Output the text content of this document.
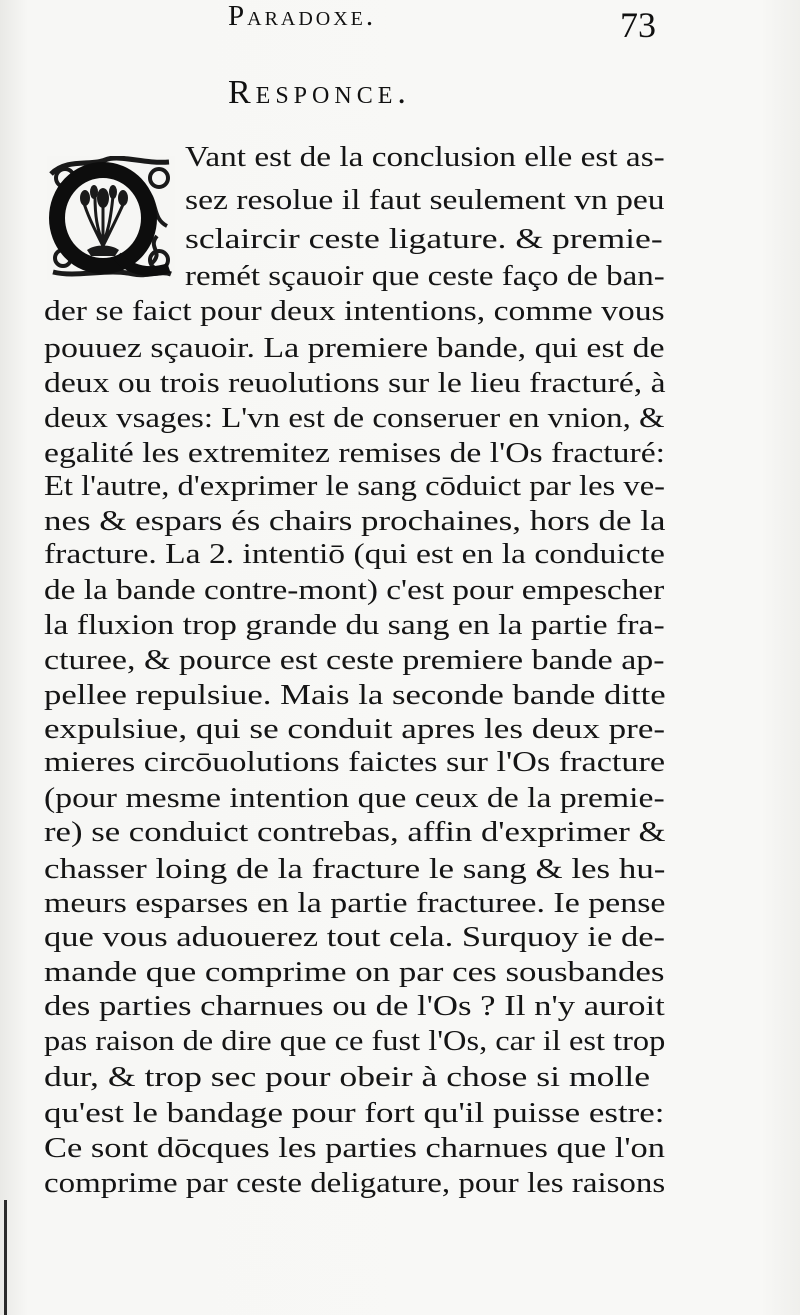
Paradoxe.	73
Responce.
Vant est de la conclusion elle est as-
sez resolue il faut seulement vn peu
sclaircir ceste ligature. & premie-
remét sçauoir que ceste faço de ban-
der se faict pour deux intentions, comme vous
pouuez sçauoir. La premiere bande, qui est de
deux ou trois reuolutions sur le lieu fracturé, à
deux vsages: L'vn est de conseruer en vnion, &
egalité les extremitez remises de l'Os fracturé:
Et l'autre, d'exprimer le sang cōduict par les ve-
nes & espars és chairs prochaines, hors de la
fracture. La 2. intentiō (qui est en la conduicte
de la bande contre-mont) c'est pour empescher
la fluxion trop grande du sang en la partie fra-
cturee, & pource est ceste premiere bande ap-
pellee repulsiue. Mais la seconde bande ditte
expulsiue, qui se conduit apres les deux pre-
mieres circōuolutions faictes sur l'Os fracture
(pour mesme intention que ceux de la premie-
re) se conduict contrebas, affin d'exprimer &
chasser loing de la fracture le sang & les hu-
meurs esparses en la partie fracturee. Ie pense
que vous aduouerez tout cela. Surquoy ie de-
mande que comprime on par ces sousbandes
des parties charnues ou de l'Os ? Il n'y auroit
pas raison de dire que ce fust l'Os, car il est trop
dur, & trop sec pour obeir à chose si molle
qu'est le bandage pour fort qu'il puisse estre:
Ce sont dōcques les parties charnues que l'on
comprime par ceste deligature, pour les raisons
